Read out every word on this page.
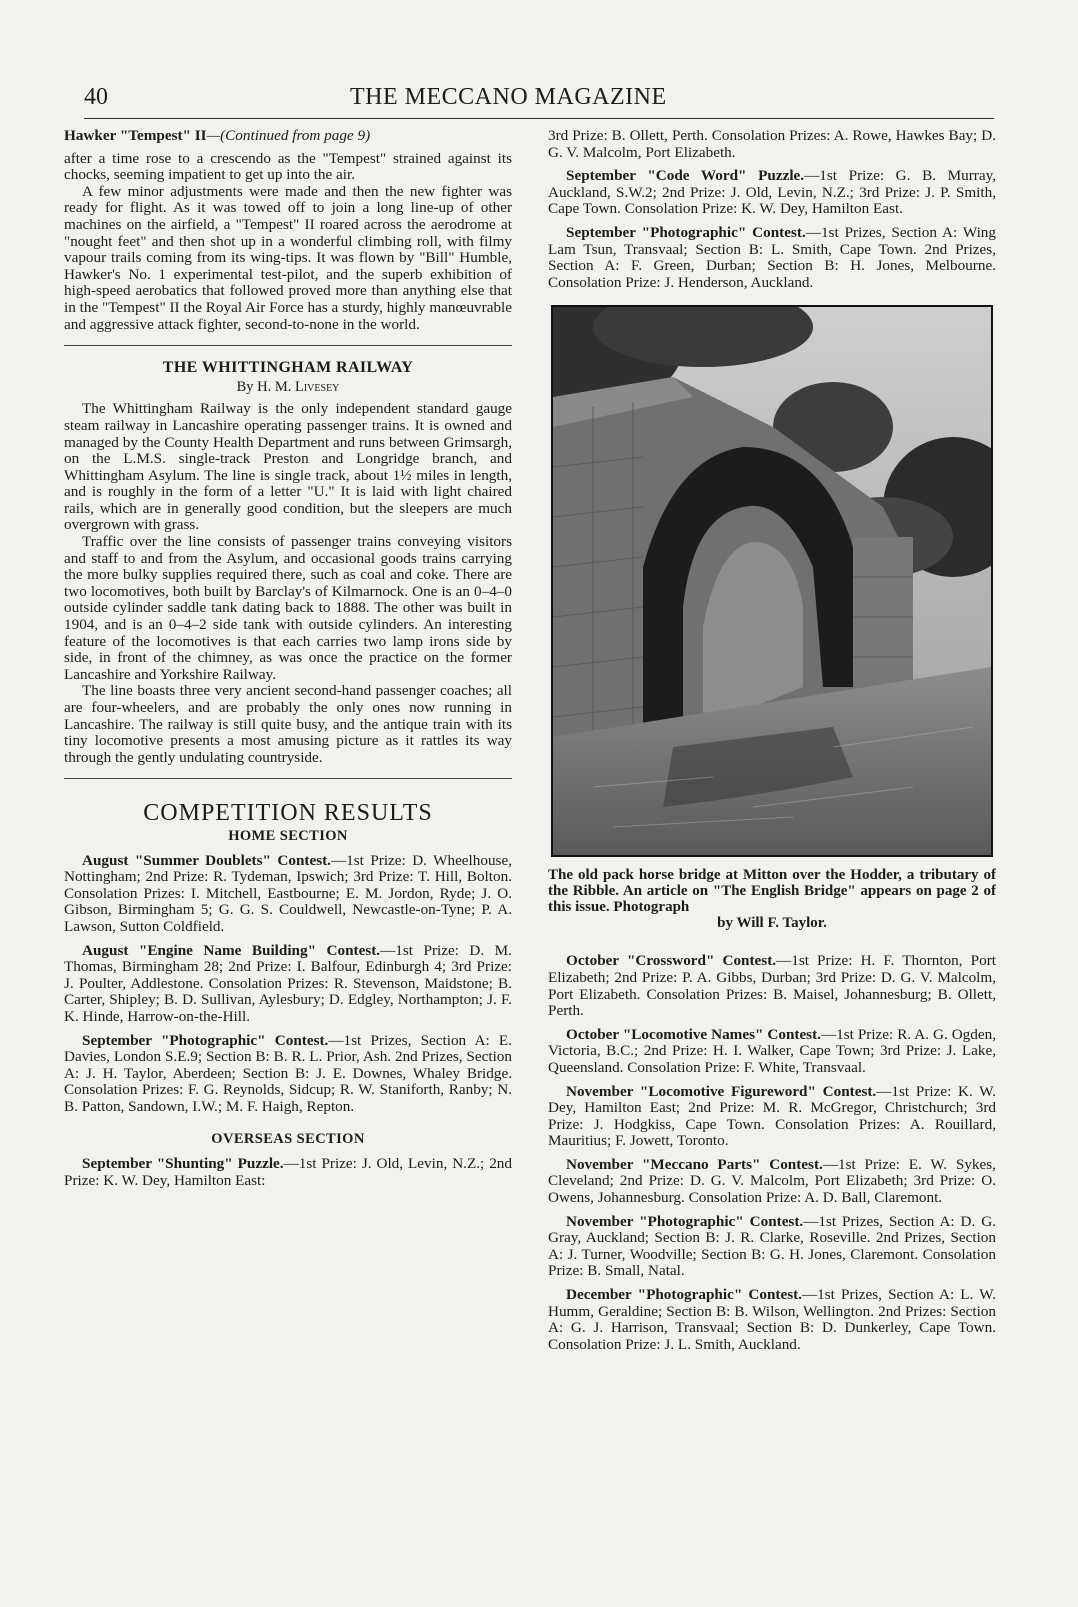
40	THE MECCANO MAGAZINE
Hawker "Tempest" II—(Continued from page 9)

after a time rose to a crescendo as the "Tempest" strained against its chocks, seeming impatient to get up into the air.

A few minor adjustments were made and then the new fighter was ready for flight. As it was towed off to join a long line-up of other machines on the airfield, a "Tempest" II roared across the aerodrome at "nought feet" and then shot up in a wonderful climbing roll, with filmy vapour trails coming from its wing-tips. It was flown by "Bill" Humble, Hawker's No. 1 experimental test-pilot, and the superb exhibition of high-speed aerobatics that followed proved more than anything else that in the "Tempest" II the Royal Air Force has a sturdy, highly manœuvrable and aggressive attack fighter, second-to-none in the world.

THE WHITTINGHAM RAILWAY
By H. M. Livesey

The Whittingham Railway is the only independent standard gauge steam railway in Lancashire operating passenger trains. It is owned and managed by the County Health Department and runs between Grimsargh, on the L.M.S. single-track Preston and Longridge branch, and Whittingham Asylum. The line is single track, about 1½ miles in length, and is roughly in the form of a letter "U." It is laid with light chaired rails, which are in generally good condition, but the sleepers are much overgrown with grass.

Traffic over the line consists of passenger trains conveying visitors and staff to and from the Asylum, and occasional goods trains carrying the more bulky supplies required there, such as coal and coke. There are two locomotives, both built by Barclay's of Kilmarnock. One is an 0–4–0 outside cylinder saddle tank dating back to 1888. The other was built in 1904, and is an 0–4–2 side tank with outside cylinders. An interesting feature of the locomotives is that each carries two lamp irons side by side, in front of the chimney, as was once the practice on the former Lancashire and Yorkshire Railway.

The line boasts three very ancient second-hand passenger coaches; all are four-wheelers, and are probably the only ones now running in Lancashire. The railway is still quite busy, and the antique train with its tiny locomotive presents a most amusing picture as it rattles its way through the gently undulating countryside.

COMPETITION RESULTS
HOME SECTION

August "Summer Doublets" Contest.—1st Prize: D. Wheelhouse, Nottingham; 2nd Prize: R. Tydeman, Ipswich; 3rd Prize: T. Hill, Bolton. Consolation Prizes: I. Mitchell, Eastbourne; E. M. Jordon, Ryde; J. O. Gibson, Birmingham 5; G. G. S. Couldwell, Newcastle-on-Tyne; P. A. Lawson, Sutton Coldfield.

August "Engine Name Building" Contest.—1st Prize: D. M. Thomas, Birmingham 28; 2nd Prize: I. Balfour, Edinburgh 4; 3rd Prize: J. Poulter, Addlestone. Consolation Prizes: R. Stevenson, Maidstone; B. Carter, Shipley; B. D. Sullivan, Aylesbury; D. Edgley, Northampton; J. F. K. Hinde, Harrow-on-the-Hill.

September "Photographic" Contest.—1st Prizes, Section A: E. Davies, London S.E.9; Section B: B. R. L. Prior, Ash. 2nd Prizes, Section A: J. H. Taylor, Aberdeen; Section B: J. E. Downes, Whaley Bridge. Consolation Prizes: F. G. Reynolds, Sidcup; R. W. Staniforth, Ranby; N. B. Patton, Sandown, I.W.; M. F. Haigh, Repton.

OVERSEAS SECTION

September "Shunting" Puzzle.—1st Prize: J. Old, Levin, N.Z.; 2nd Prize: K. W. Dey, Hamilton East:

3rd Prize: B. Ollett, Perth. Consolation Prizes: A. Rowe, Hawkes Bay; D. G. V. Malcolm, Port Elizabeth.

September "Code Word" Puzzle.—1st Prize: G. B. Murray, Auckland, S.W.2; 2nd Prize: J. Old, Levin, N.Z.; 3rd Prize: J. P. Smith, Cape Town. Consolation Prize: K. W. Dey, Hamilton East.

September "Photographic" Contest.—1st Prizes, Section A: Wing Lam Tsun, Transvaal; Section B: L. Smith, Cape Town. 2nd Prizes, Section A: F. Green, Durban; Section B: H. Jones, Melbourne. Consolation Prize: J. Henderson, Auckland.

The old pack horse bridge at Mitton over the Hodder, a tributary of the Ribble. An article on "The English Bridge" appears on page 2 of this issue. Photograph
by Will F. Taylor.

October "Crossword" Contest.—1st Prize: H. F. Thornton, Port Elizabeth; 2nd Prize: P. A. Gibbs, Durban; 3rd Prize: D. G. V. Malcolm, Port Elizabeth. Consolation Prizes: B. Maisel, Johannesburg; B. Ollett, Perth.

October "Locomotive Names" Contest.—1st Prize: R. A. G. Ogden, Victoria, B.C.; 2nd Prize: H. I. Walker, Cape Town; 3rd Prize: J. Lake, Queensland. Consolation Prize: F. White, Transvaal.

November "Locomotive Figureword" Contest.—1st Prize: K. W. Dey, Hamilton East; 2nd Prize: M. R. McGregor, Christchurch; 3rd Prize: J. Hodgkiss, Cape Town. Consolation Prizes: A. Rouillard, Mauritius; F. Jowett, Toronto.

November "Meccano Parts" Contest.—1st Prize: E. W. Sykes, Cleveland; 2nd Prize: D. G. V. Malcolm, Port Elizabeth; 3rd Prize: O. Owens, Johannesburg. Consolation Prize: A. D. Ball, Claremont.

November "Photographic" Contest.—1st Prizes, Section A: D. G. Gray, Auckland; Section B: J. R. Clarke, Roseville. 2nd Prizes, Section A: J. Turner, Woodville; Section B: G. H. Jones, Claremont. Consolation Prize: B. Small, Natal.

December "Photographic" Contest.—1st Prizes, Section A: L. W. Humm, Geraldine; Section B: B. Wilson, Wellington. 2nd Prizes: Section A: G. J. Harrison, Transvaal; Section B: D. Dunkerley, Cape Town. Consolation Prize: J. L. Smith, Auckland.
